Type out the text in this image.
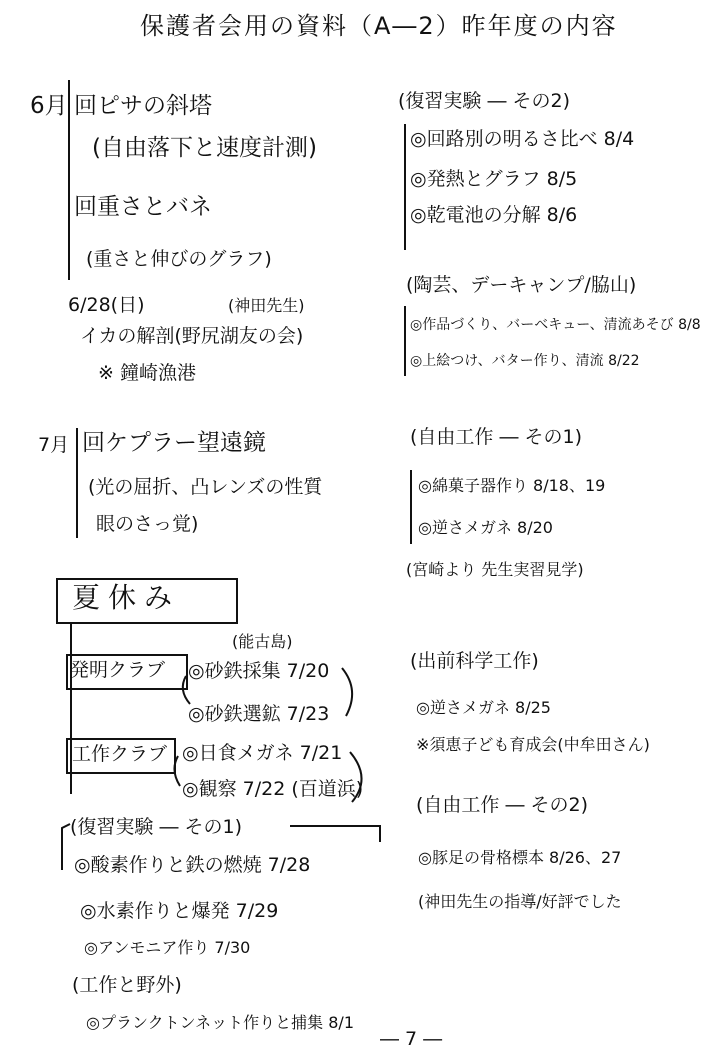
保護者会用の資料（A―2）昨年度の内容
6月 回ピサの斜塔
(自由落下と速度計測)
回重さとバネ
(重さと伸びのグラフ)
(神田先生)
6/28(日)
イカの解剖(野尻湖友の会)
※ 鐘崎漁港
7月 回ケプラー望遠鏡
(光の屈折、凸レンズの性質
眼のさっ覚)
夏休み
発明クラブ
(能古島)
◎砂鉄採集 7/20
◎砂鉄選鉱 7/23
工作クラブ ◎日食メガネ 7/21
◎観察 7/22 (百道浜)
(復習実験 ― その1)
◎酸素作りと鉄の燃焼 7/28
◎水素作りと爆発 7/29
◎アンモニア作り 7/30
(工作と野外)
◎プランクトンネット作りと捕集 8/1
(復習実験 ― その2)
◎回路別の明るさ比べ 8/4
◎発熱とグラフ 8/5
◎乾電池の分解 8/6
(陶芸、デーキャンプ/脇山)
◎作品づくり、バーベキュー、清流あそび 8/8
◎上絵つけ、バター作り、清流 8/22
(自由工作 ― その1)
◎綿菓子器作り 8/18、19
◎逆さメガネ 8/20
(宮崎より 先生実習見学)
(出前科学工作)
◎逆さメガネ 8/25
※須恵子ども育成会(中牟田さん)
(自由工作 ― その2)
◎豚足の骨格標本 8/26、27
(神田先生の指導/好評でした
― 7 ―
